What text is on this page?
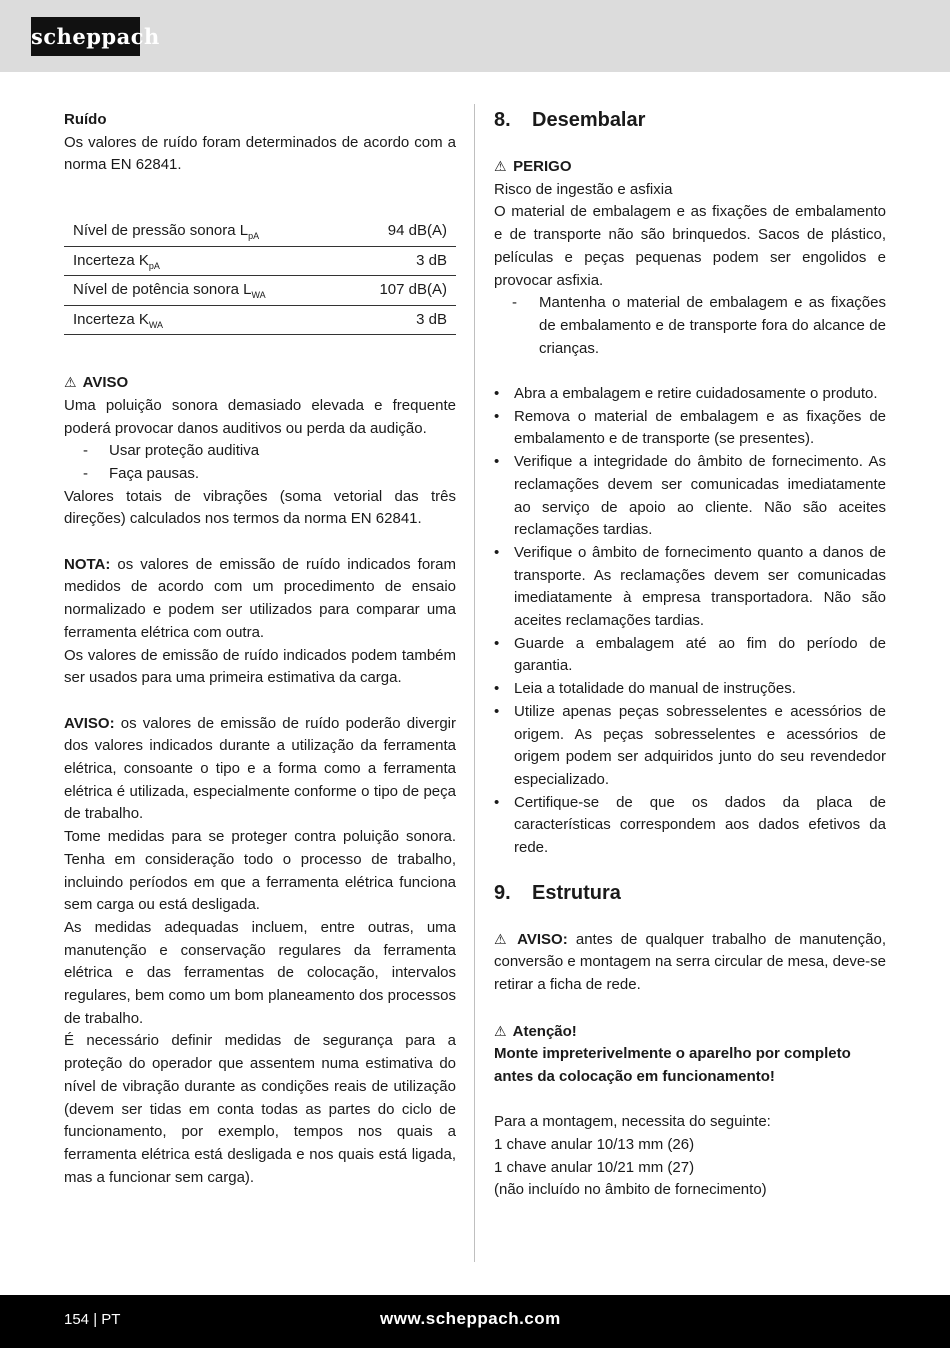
scheppach

Ruído

Os valores de ruído foram determinados de acordo com a norma EN 62841.

Nível de pressão sonora $L_{pA}$	94 dB(A)
Incerteza $K_{pA}$	3 dB
Nível de potência sonora $L_{WA}$	107 dB(A)
Incerteza $K_{WA}$	3 dB

⚠ AVISO

Uma poluição sonora demasiado elevada e frequente poderá provocar danos auditivos ou perda da audição.

-	Usar proteção auditiva
-	Faça pausas.

Valores totais de vibrações (soma vetorial das três direções) calculados nos termos da norma EN 62841.

NOTA: os valores de emissão de ruído indicados foram medidos de acordo com um procedimento de ensaio normalizado e podem ser utilizados para comparar uma ferramenta elétrica com outra.

Os valores de emissão de ruído indicados podem também ser usados para uma primeira estimativa da carga.

AVISO: os valores de emissão de ruído poderão divergir dos valores indicados durante a utilização da ferramenta elétrica, consoante o tipo e a forma como a ferramenta elétrica é utilizada, especialmente conforme o tipo de peça de trabalho.

Tome medidas para se proteger contra poluição sonora. Tenha em consideração todo o processo de trabalho, incluindo períodos em que a ferramenta elétrica funciona sem carga ou está desligada.

As medidas adequadas incluem, entre outras, uma manutenção e conservação regulares da ferramenta elétrica e das ferramentas de colocação, intervalos regulares, bem como um bom planeamento dos processos de trabalho.

É necessário definir medidas de segurança para a proteção do operador que assentem numa estimativa do nível de vibração durante as condições reais de utilização (devem ser tidas em conta todas as partes do ciclo de funcionamento, por exemplo, tempos nos quais a ferramenta elétrica está desligada e nos quais está ligada, mas a funcionar sem carga).

8. Desembalar

⚠ PERIGO

Risco de ingestão e asfixia

O material de embalagem e as fixações de embalamento e de transporte não são brinquedos. Sacos de plástico, películas e peças pequenas podem ser engolidos e provocar asfixia.

-	Mantenha o material de embalagem e as fixações de embalamento e de transporte fora do alcance de crianças.
• Abra a embalagem e retire cuidadosamente o produto.
• Remova o material de embalagem e as fixações de embalamento e de transporte (se presentes).
• Verifique a integridade do âmbito de fornecimento. As reclamações devem ser comunicadas imediatamente ao serviço de apoio ao cliente. Não são aceites reclamações tardias.
• Verifique o âmbito de fornecimento quanto a danos de transporte. As reclamações devem ser comunicadas imediatamente à empresa transportadora. Não são aceites reclamações tardias.
• Guarde a embalagem até ao fim do período de garantia.
• Leia a totalidade do manual de instruções.
• Utilize apenas peças sobresselentes e acessórios de origem. As peças sobresselentes e acessórios de origem podem ser adquiridos junto do seu revendedor especializado.
• Certifique-se de que os dados da placa de características correspondem aos dados efetivos da rede.

9. Estrutura

⚠ AVISO: antes de qualquer trabalho de manutenção, conversão e montagem na serra circular de mesa, deve-se retirar a ficha de rede.

⚠ Atenção!

Monte impreterivelmente o aparelho por completo antes da colocação em funcionamento!

Para a montagem, necessita do seguinte:

1 chave anular 10/13 mm (26)

1 chave anular 10/21 mm (27)

(não incluído no âmbito de fornecimento)

154 | PT	www.scheppach.com
